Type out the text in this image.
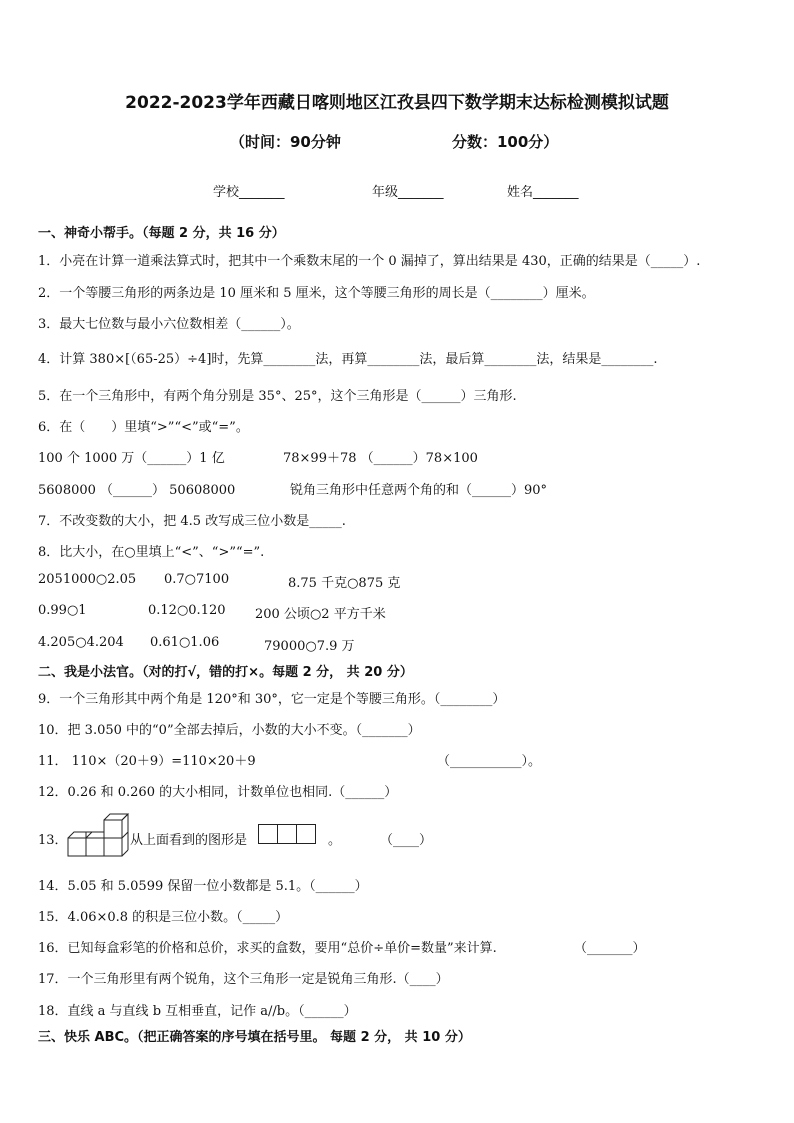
2022-2023学年西藏日喀则地区江孜县四下数学期末达标检测模拟试题
（时间：90分钟	分数：100分）
学校_______	年级_______	姓名_______
一、神奇小帮手。（每题 2 分，共 16 分）
1．小亮在计算一道乘法算式时，把其中一个乘数末尾的一个 0 漏掉了，算出结果是 430，正确的结果是（_____）.
2．一个等腰三角形的两条边是 10 厘米和 5 厘米，这个等腰三角形的周长是（________）厘米。
3．最大七位数与最小六位数相差（______）。
4．计算 380×[（65-25）÷4]时，先算________法，再算________法，最后算________法，结果是________.
5．在一个三角形中，有两个角分别是 35°、25°，这个三角形是（______）三角形.
6．在（　　）里填“>”“<”或“=”。
100 个 1000 万（______）1 亿	78×99＋78 （______）78×100
5608000 （______） 50608000	锐角三角形中任意两个角的和（______）90°
7．不改变数的大小，把 4.5 改写成三位小数是_____.
8．比大小，在○里填上“<”、“>”“=”.
2051000○2.05 0.7○7100	8.75 千克○875 克
0.99○1	0.12○0.120 200 公顷○2 平方千米
4.205○4.204 0.61○1.06	79000○7.9 万
二、我是小法官。（对的打√，错的打×。每题 2 分， 共 20 分）
9．一个三角形其中两个角是 120°和 30°，它一定是个等腰三角形。（________）
10．把 3.050 中的“0”全部去掉后，小数的大小不变。（_______）
11． 110×（20＋9）=110×20＋9	（___________）。
12．0.26 和 0.260 的大小相同，计数单位也相同.（______）
13．	从上面看到的图形是	。	（____）
14．5.05 和 5.0599 保留一位小数都是 5.1。（______）
15．4.06×0.8 的积是三位小数。（_____）
16．已知每盒彩笔的价格和总价，求买的盒数，要用“总价÷单价=数量”来计算.	（_______）
17．一个三角形里有两个锐角，这个三角形一定是锐角三角形.（____）
18．直线 a 与直线 b 互相垂直，记作 a//b。（______）
三、快乐 ABC。（把正确答案的序号填在括号里。 每题 2 分， 共 10 分）
